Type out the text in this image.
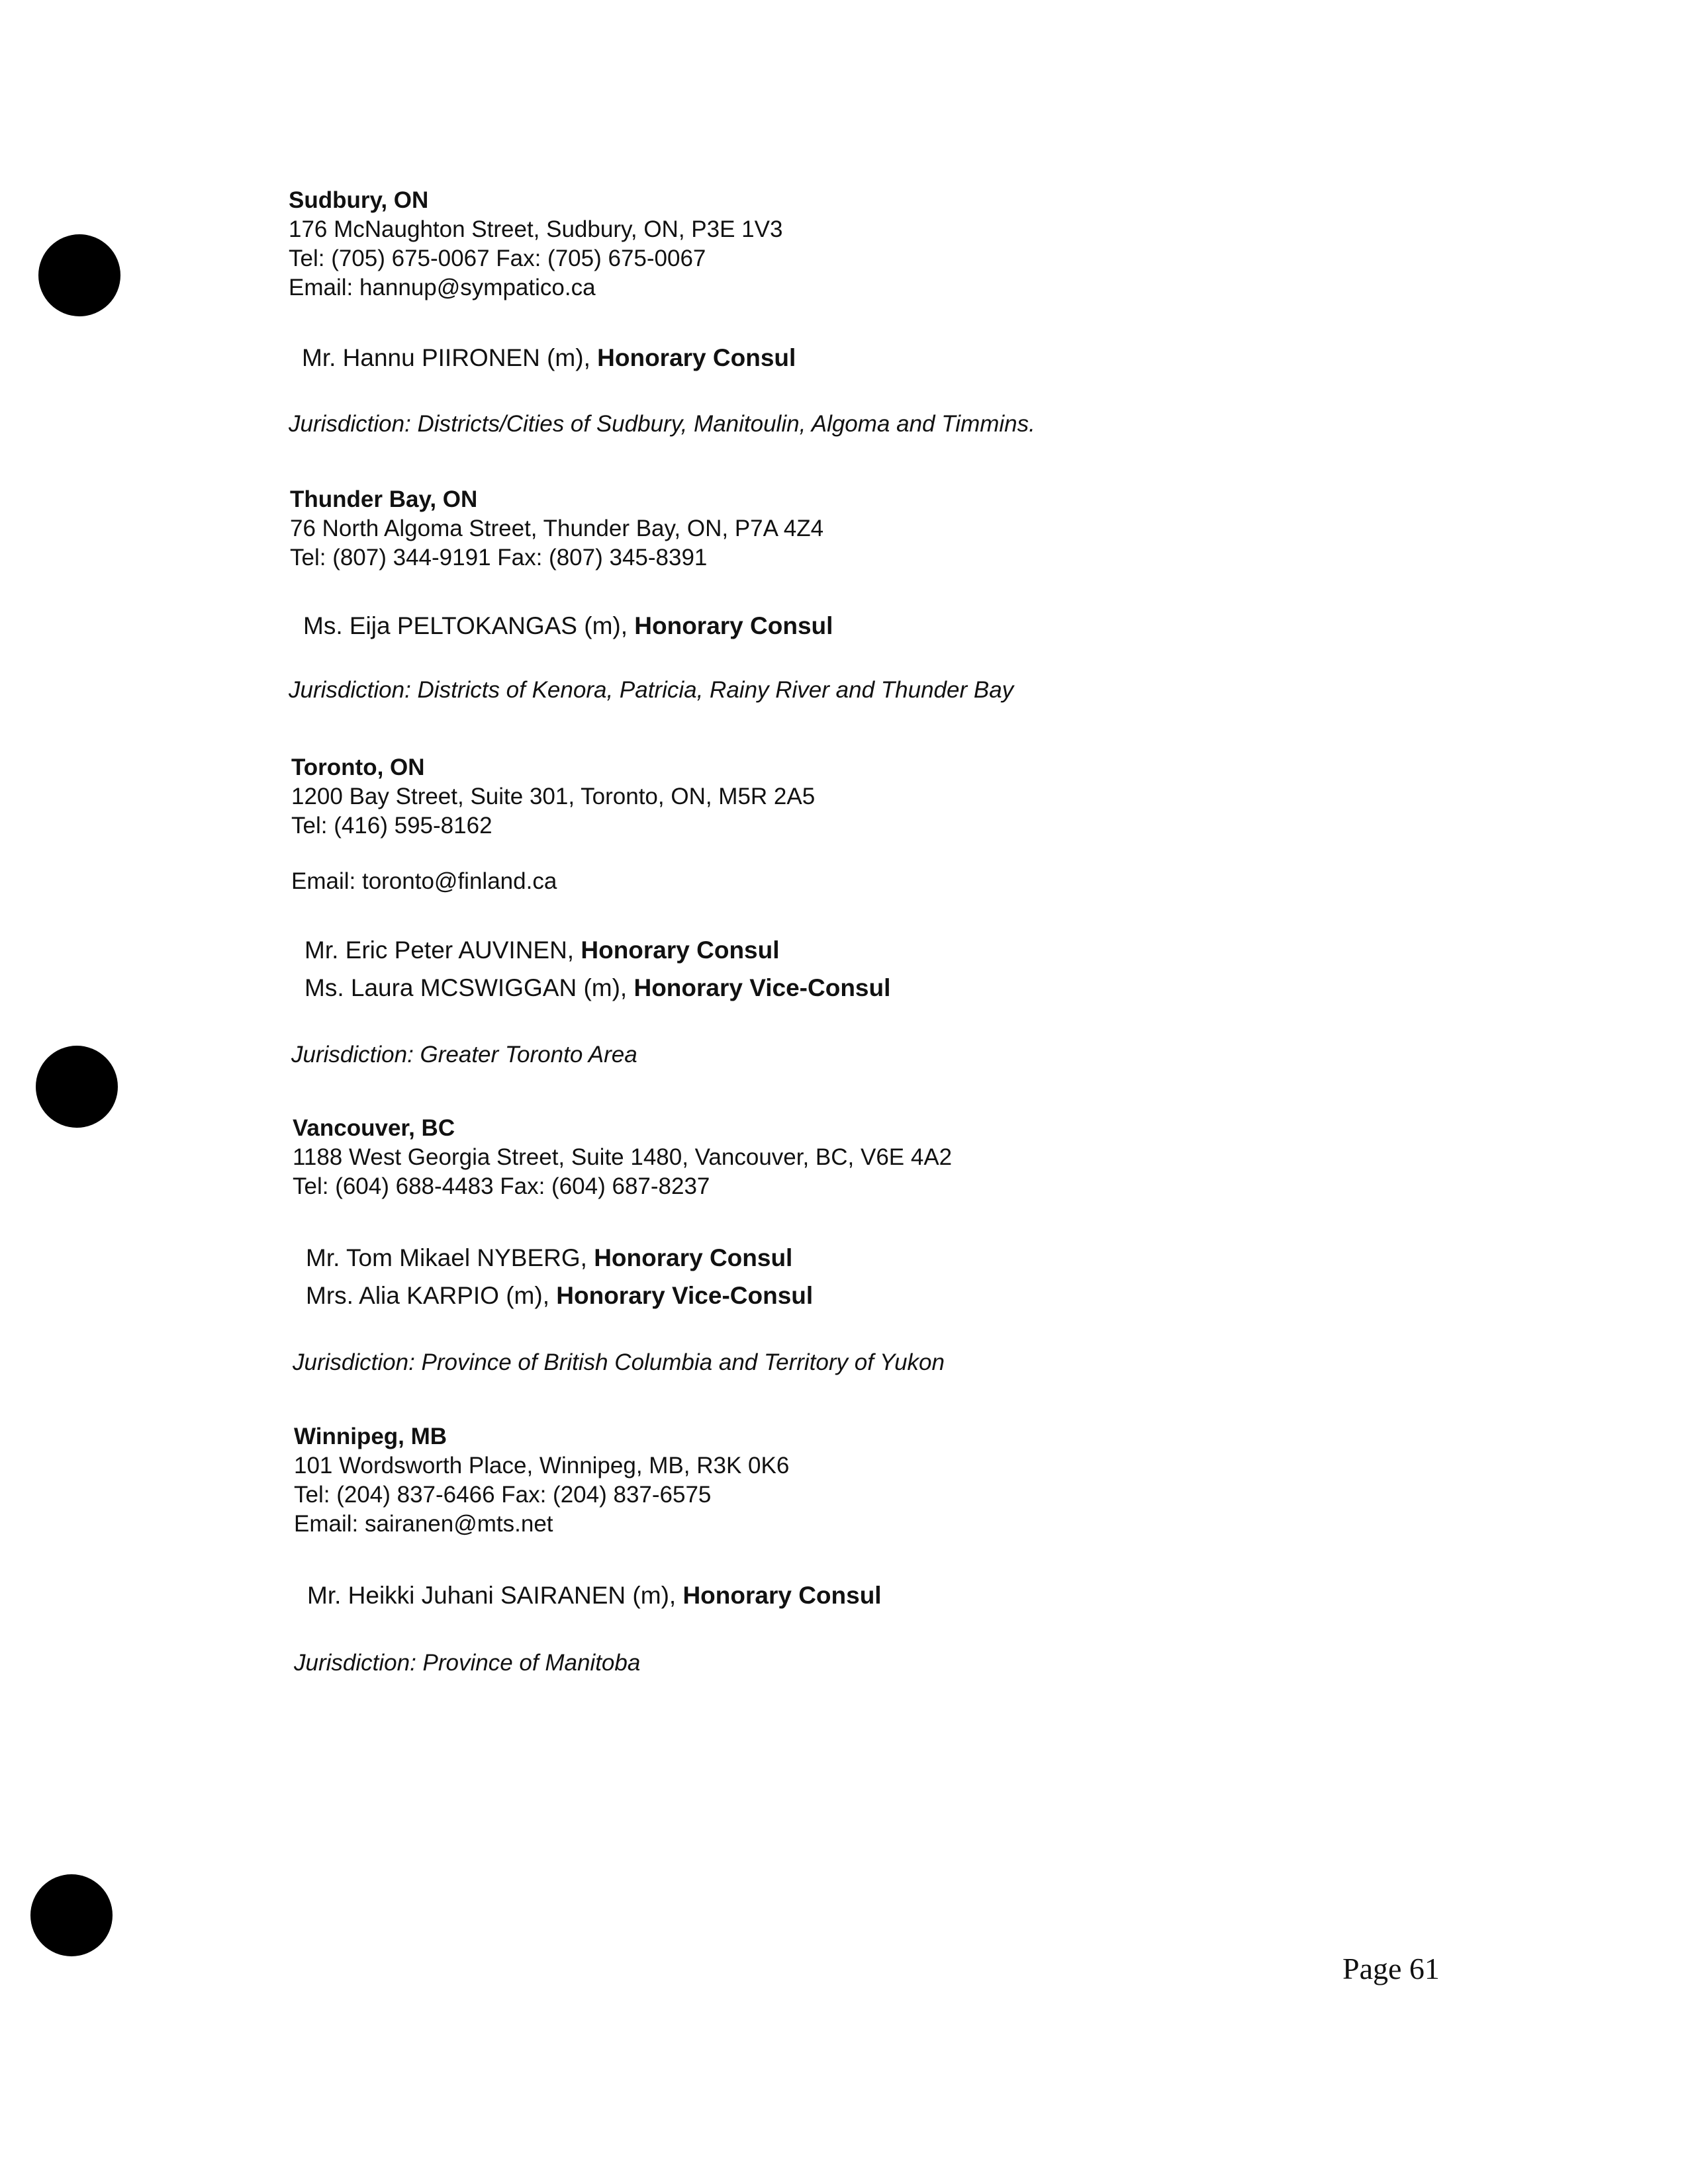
Sudbury, ON
176 McNaughton Street, Sudbury, ON, P3E 1V3
Tel: (705) 675-0067 Fax: (705) 675-0067
Email: hannup@sympatico.ca
Mr. Hannu PIIRONEN (m), Honorary Consul
Jurisdiction: Districts/Cities of Sudbury, Manitoulin, Algoma and Timmins.
Thunder Bay, ON
76 North Algoma Street, Thunder Bay, ON, P7A 4Z4
Tel: (807) 344-9191 Fax: (807) 345-8391
Ms. Eija PELTOKANGAS (m), Honorary Consul
Jurisdiction: Districts of Kenora, Patricia, Rainy River and Thunder Bay
Toronto, ON
1200 Bay Street, Suite 301, Toronto, ON, M5R 2A5
Tel: (416) 595-8162
Email: toronto@finland.ca
Mr. Eric Peter AUVINEN, Honorary Consul
Ms. Laura MCSWIGGAN (m), Honorary Vice-Consul
Jurisdiction: Greater Toronto Area
Vancouver, BC
1188 West Georgia Street, Suite 1480, Vancouver, BC, V6E 4A2
Tel: (604) 688-4483 Fax: (604) 687-8237
Mr. Tom Mikael NYBERG, Honorary Consul
Mrs. Alia KARPIO (m), Honorary Vice-Consul
Jurisdiction: Province of British Columbia and Territory of Yukon
Winnipeg, MB
101 Wordsworth Place, Winnipeg, MB, R3K 0K6
Tel: (204) 837-6466 Fax: (204) 837-6575
Email: sairanen@mts.net
Mr. Heikki Juhani SAIRANEN (m), Honorary Consul
Jurisdiction: Province of Manitoba
Page 61
